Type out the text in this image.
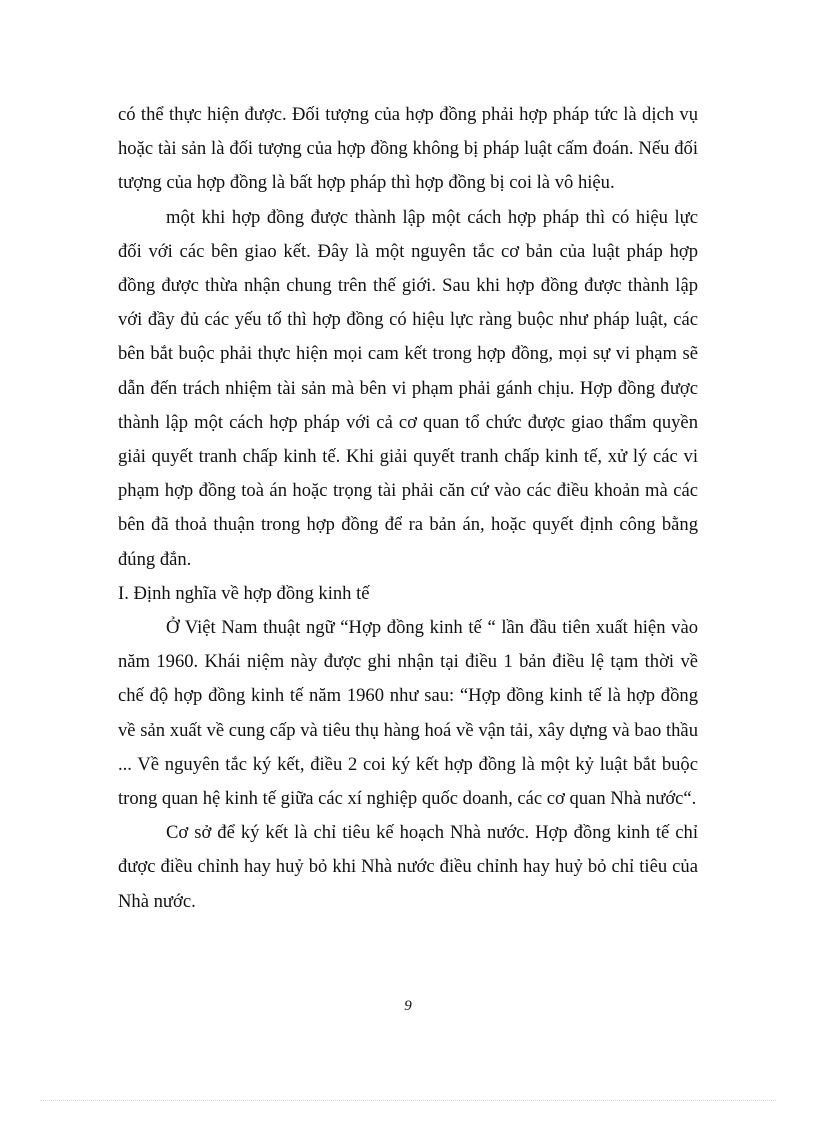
có thể thực hiện được. Đối tượng của hợp đồng phải hợp pháp tức là dịch vụ hoặc tài sản là đối tượng của hợp đồng không bị pháp luật cấm đoán. Nếu đối tượng của hợp đồng là bất hợp pháp thì hợp đồng bị coi là vô hiệu.

một khi hợp đồng được thành lập một cách hợp pháp thì có hiệu lực đối với các bên giao kết. Đây là một nguyên tắc cơ bản của luật pháp hợp đồng được thừa nhận chung trên thế giới. Sau khi hợp đồng được thành lập với đầy đủ các yếu tố thì hợp đồng có hiệu lực ràng buộc như pháp luật, các bên bắt buộc phải thực hiện mọi cam kết trong hợp đồng, mọi sự vi phạm sẽ dẫn đến trách nhiệm tài sản mà bên vi phạm phải gánh chịu. Hợp đồng được thành lập một cách hợp pháp với cả cơ quan tổ chức được giao thẩm quyền giải quyết tranh chấp kinh tế. Khi giải quyết tranh chấp kinh tế, xử lý các vi phạm hợp đồng toà án hoặc trọng tài phải căn cứ vào các điều khoản mà các bên đã thoả thuận trong hợp đồng để ra bản án, hoặc quyết định công bằng đúng đắn.

I. Định nghĩa về hợp đồng kinh tế

Ở Việt Nam thuật ngữ “Hợp đồng kinh tế “ lần đầu tiên xuất hiện vào năm 1960. Khái niệm này được ghi nhận tại điều 1 bản điều lệ tạm thời về chế độ hợp đồng kinh tế năm 1960 như sau: “Hợp đồng kinh tế là hợp đồng về sản xuất về cung cấp và tiêu thụ hàng hoá về vận tải, xây dựng và bao thầu ... Về nguyên tắc ký kết, điều 2 coi ký kết hợp đồng là một kỷ luật bắt buộc trong quan hệ kinh tế giữa các xí nghiệp quốc doanh, các cơ quan Nhà nước“.

Cơ sở để ký kết là chỉ tiêu kế hoạch Nhà nước. Hợp đồng kinh tế chỉ được điều chỉnh hay huỷ bỏ khi Nhà nước điều chỉnh hay huỷ bỏ chỉ tiêu của Nhà nước.

9
